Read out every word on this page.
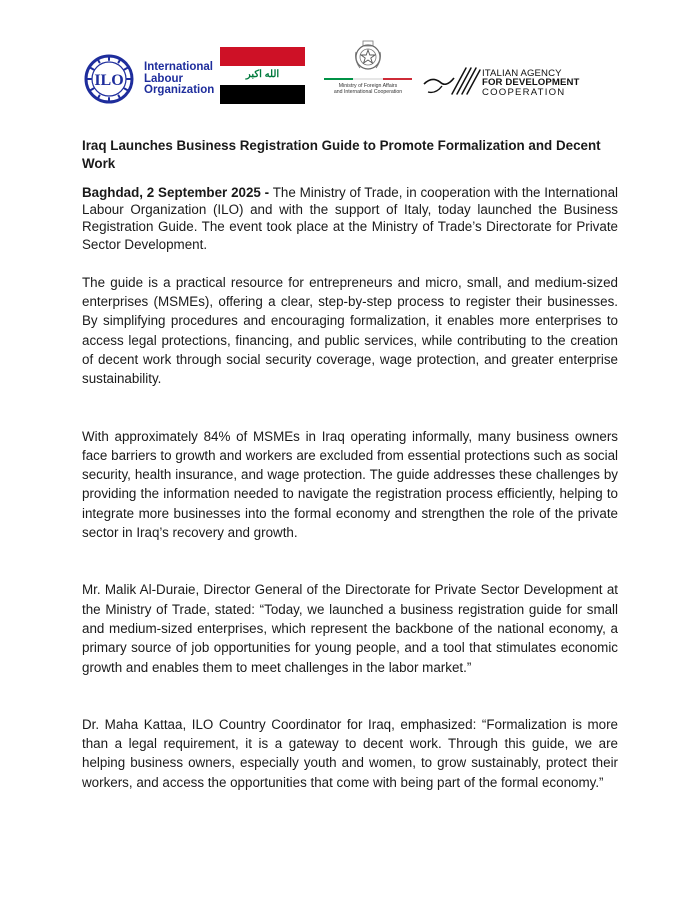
ILO
International
Labour
Organization
الله اكبر
Ministry of Foreign Affairs
and International Cooperation
ITALIAN AGENCY
FOR DEVELOPMENT
COOPERATION
Iraq Launches Business Registration Guide to Promote Formalization and Decent Work

Baghdad, 2 September 2025 - The Ministry of Trade, in cooperation with the International Labour Organization (ILO) and with the support of Italy, today launched the Business Registration Guide. The event took place at the Ministry of Trade’s Directorate for Private Sector Development.

The guide is a practical resource for entrepreneurs and micro, small, and medium-sized enterprises (MSMEs), offering a clear, step-by-step process to register their businesses. By simplifying procedures and encouraging formalization, it enables more enterprises to access legal protections, financing, and public services, while contributing to the creation of decent work through social security coverage, wage protection, and greater enterprise sustainability.

With approximately 84% of MSMEs in Iraq operating informally, many business owners face barriers to growth and workers are excluded from essential protections such as social security, health insurance, and wage protection. The guide addresses these challenges by providing the information needed to navigate the registration process efficiently, helping to integrate more businesses into the formal economy and strengthen the role of the private sector in Iraq’s recovery and growth.

Mr. Malik Al-Duraie, Director General of the Directorate for Private Sector Development at the Ministry of Trade, stated: “Today, we launched a business registration guide for small and medium-sized enterprises, which represent the backbone of the national economy, a primary source of job opportunities for young people, and a tool that stimulates economic growth and enables them to meet challenges in the labor market.”

Dr. Maha Kattaa, ILO Country Coordinator for Iraq, emphasized: “Formalization is more than a legal requirement, it is a gateway to decent work. Through this guide, we are helping business owners, especially youth and women, to grow sustainably, protect their workers, and access the opportunities that come with being part of the formal economy.”
